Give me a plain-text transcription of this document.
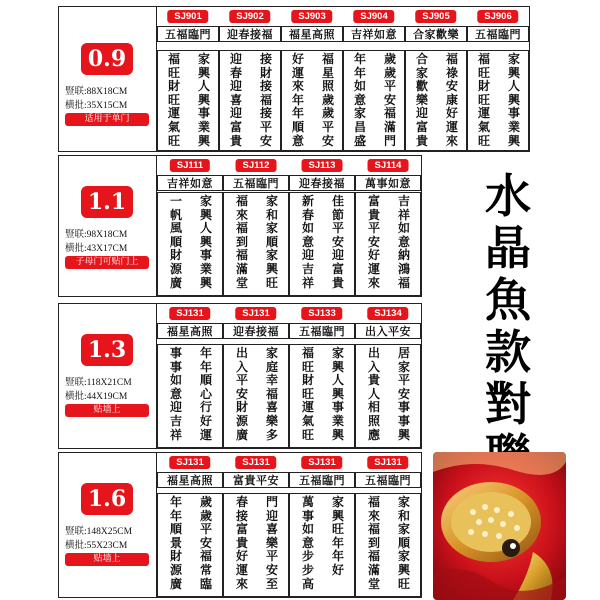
0.9
豎联:88X18CM
横批:35X15CM
适用于单门
SJ901
五福臨門
福
旺
財
旺
運
氣
旺
家
興
人
興
事
業
興
SJ902
迎春接福
迎
春
迎
喜
迎
富
貴
接
財
接
福
接
平
安
SJ903
福星高照
好
運
來
年
年
順
意
福
星
照
歲
歲
平
安
SJ904
吉祥如意
年
年
如
意
家
昌
盛
歲
歲
平
安
福
滿
門
SJ905
合家歡樂
合
家
歡
樂
迎
富
貴
福
祿
安
康
好
運
來
SJ906
五福臨門
福
旺
財
旺
運
氣
旺
家
興
人
興
事
業
興
1.1
豎联:98X18CM
横批:43X17CM
子母门可贴门上
SJ111
吉祥如意
一
帆
風
順
財
源
廣
家
興
人
興
事
業
興
SJ112
五福臨門
福
來
福
到
福
滿
堂
家
和
家
順
家
興
旺
SJ113
迎春接福
新
春
如
意
迎
吉
祥
佳
節
平
安
迎
富
貴
SJ114
萬事如意
富
貴
平
安
好
運
來
吉
祥
如
意
納
鴻
福
1.3
豎联:118X21CM
横批:44X19CM
贴墙上
SJ131
福星高照
事
事
如
意
迎
吉
祥
年
年
順
心
行
好
運
SJ131
迎春接福
出
入
平
安
財
源
廣
家
庭
幸
福
喜
樂
多
SJ133
五福臨門
福
旺
財
旺
運
氣
旺
家
興
人
興
事
業
興
SJ134
出入平安
出
入
貴
人
相
照
應
居
家
平
安
事
事
興
1.6
豎联:148X25CM
横批:55X23CM
贴墙上
SJ131
福星高照
年
年
順
景
財
源
廣
歲
歲
平
安
福
常
臨
SJ131
富貴平安
春
接
富
貴
好
運
來
門
迎
喜
樂
平
安
至
SJ131
五福臨門
萬
事
如
意
步
步
高
家
興
旺
年
年
好
SJ131
五福臨門
福
來
福
到
福
滿
堂
家
和
家
順
家
興
旺
水
晶
魚
款
對
